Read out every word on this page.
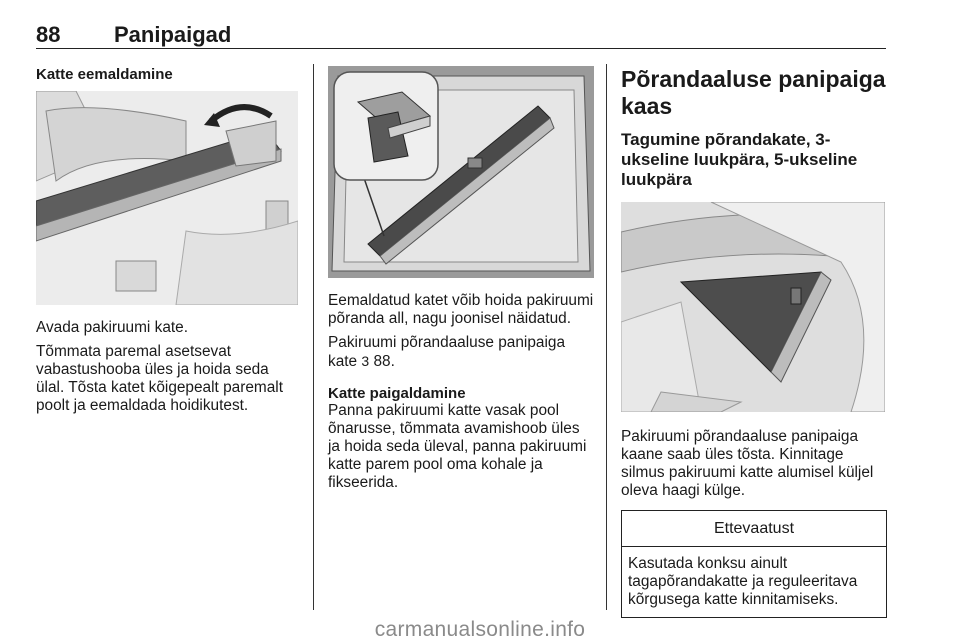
88 Panipaigad
Katte eemaldamine

Avada pakiruumi kate.

Tõmmata paremal asetsevat vabastushooba üles ja hoida seda ülal. Tõsta katet kõigepealt paremalt poolt ja eemaldada hoidikutest.

Eemaldatud katet võib hoida pakiruumi põranda all, nagu joonisel näidatud.

Pakiruumi põrandaaluse panipaiga kate 3 88.

Katte paigaldamine

Panna pakiruumi katte vasak pool õnarusse, tõmmata avamishoob üles ja hoida seda üleval, panna pakiruumi katte parem pool oma kohale ja fikseerida.

Põrandaaluse panipaiga kaas
Tagumine põrandakate, 3-ukseline luukpära, 5-ukseline luukpära

Pakiruumi põrandaaluse panipaiga kaane saab üles tõsta. Kinnitage silmus pakiruumi katte alumisel küljel oleva haagi külge.

Ettevaatust
Kasutada konksu ainult tagapõrandakatte ja reguleeritava kõrgusega katte kinnitamiseks.
carmanualsonline.info
